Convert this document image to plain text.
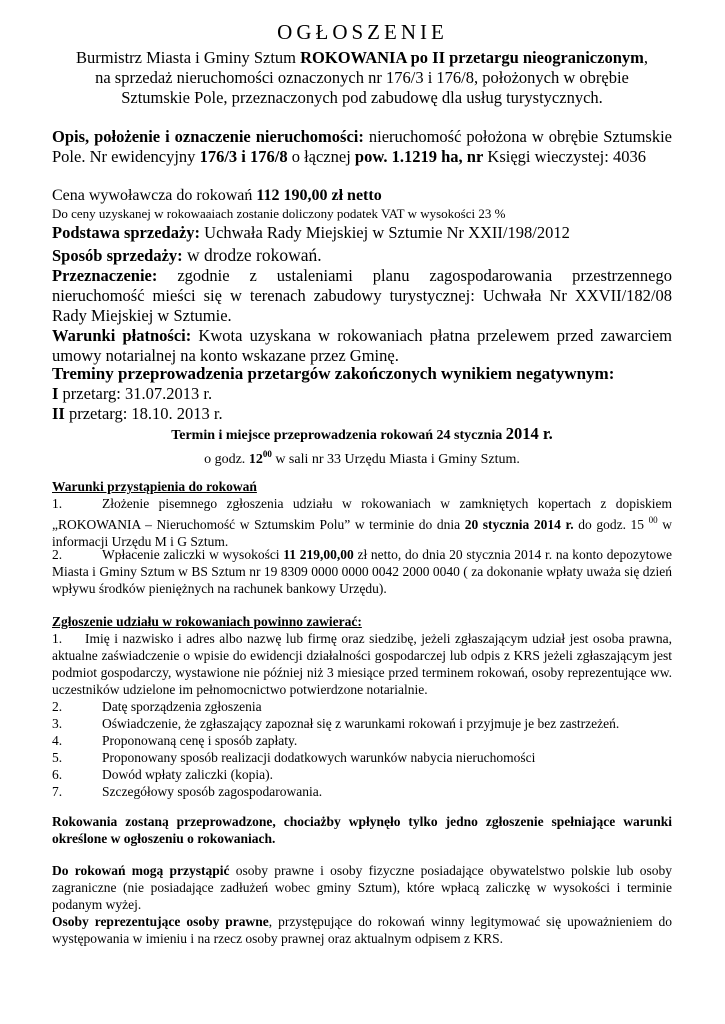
OGŁOSZENIE
Burmistrz Miasta i Gminy Sztum ROKOWANIA po II przetargu nieograniczonym,
na sprzedaż nieruchomości oznaczonych nr 176/3 i 176/8, położonych w obrębie
Sztumskie Pole, przeznaczonych pod zabudowę dla usług turystycznych.
Opis, położenie i oznaczenie nieruchomości: nieruchomość położona w obrębie Sztumskie Pole. Nr ewidencyjny 176/3 i 176/8 o łącznej pow. 1.1219 ha, nr Księgi wieczystej: 4036
Cena wywoławcza do rokowań 112 190,00 zł netto
Do ceny uzyskanej w rokowaaiach zostanie doliczony podatek VAT w wysokości 23 %
Podstawa sprzedaży: Uchwała Rady Miejskiej w Sztumie Nr XXII/198/2012
Sposób sprzedaży: w drodze rokowań.
Przeznaczenie: zgodnie z ustaleniami planu zagospodarowania przestrzennego nieruchomość mieści się w terenach zabudowy turystycznej: Uchwała Nr XXVII/182/08 Rady Miejskiej w Sztumie.
Warunki płatności: Kwota uzyskana w rokowaniach płatna przelewem przed zawarciem umowy notarialnej na konto wskazane przez Gminę.
Treminy przeprowadzenia przetargów zakończonych wynikiem negatywnym:
I przetarg: 31.07.2013 r.
II przetarg: 18.10. 2013 r.
Termin i miejsce przeprowadzenia rokowań 24 stycznia 2014 r.
o godz. $12^{00}$ w sali nr 33 Urzędu Miasta i Gminy Sztum.
Warunki przystąpienia do rokowań
1.	Złożenie pisemnego zgłoszenia udziału w rokowaniach w zamkniętych kopertach z dopiskiem „ROKOWANIA – Nieruchomość w Sztumskim Polu” w terminie do dnia 20 stycznia 2014 r. do godz. 15 $^{00}$ w informacji Urzędu M i G Sztum.
2.	Wpłacenie zaliczki w wysokości 11 219,00,00 zł netto, do dnia 20 stycznia 2014 r. na konto depozytowe Miasta i Gminy Sztum w BS Sztum nr 19 8309 0000 0000 0042 2000 0040 ( za dokonanie wpłaty uważa się dzień wpływu środków pieniężnych na rachunek bankowy Urzędu).
Zgłoszenie udziału w rokowaniach powinno zawierać:
1. Imię i nazwisko i adres albo nazwę lub firmę oraz siedzibę, jeżeli zgłaszającym udział jest osoba prawna, aktualne zaświadczenie o wpisie do ewidencji działalności gospodarczej lub odpis z KRS jeżeli zgłaszającym jest podmiot gospodarczy, wystawione nie później niż 3 miesiące przed terminem rokowań, osoby reprezentujące ww. uczestników udzielone im pełnomocnictwo potwierdzone notarialnie.
2.	Datę sporządzenia zgłoszenia
3.	Oświadczenie, że zgłaszający zapoznał się z warunkami rokowań i przyjmuje je bez zastrzeżeń.
4.	Proponowaną cenę i sposób zapłaty.
5.	Proponowany sposób realizacji dodatkowych warunków nabycia nieruchomości
6.	Dowód wpłaty zaliczki (kopia).
7.	Szczegółowy sposób zagospodarowania.
Rokowania zostaną przeprowadzone, chociażby wpłynęło tylko jedno zgłoszenie spełniające warunki określone w ogłoszeniu o rokowaniach.
Do rokowań mogą przystąpić osoby prawne i osoby fizyczne posiadające obywatelstwo polskie lub osoby zagraniczne (nie posiadające zadłużeń wobec gminy Sztum), które wpłacą zaliczkę w wysokości i terminie podanym wyżej.
Osoby reprezentujące osoby prawne, przystępujące do rokowań winny legitymować się upoważnieniem do występowania w imieniu i na rzecz osoby prawnej oraz aktualnym odpisem z KRS.
